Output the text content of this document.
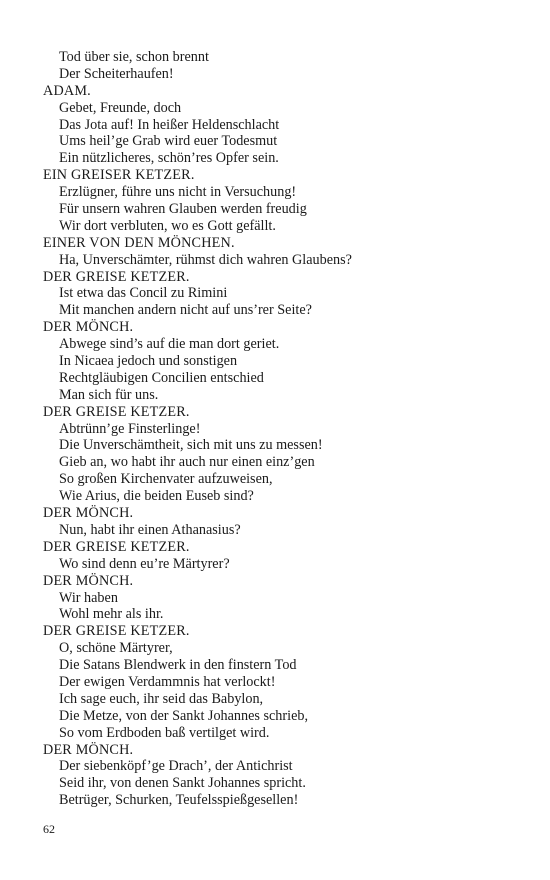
Tod über sie, schon brennt
Der Scheiterhaufen!
ADAM.
Gebet, Freunde, doch
Das Jota auf! In heißer Heldenschlacht
Ums heil’ge Grab wird euer Todesmut
Ein nützlicheres, schön’res Opfer sein.
EIN GREISER KETZER.
Erzlügner, führe uns nicht in Versuchung!
Für unsern wahren Glauben werden freudig
Wir dort verbluten, wo es Gott gefällt.
EINER VON DEN MÖNCHEN.
Ha, Unverschämter, rühmst dich wahren Glaubens?
DER GREISE KETZER.
Ist etwa das Concil zu Rimini
Mit manchen andern nicht auf uns’rer Seite?
DER MÖNCH.
Abwege sind’s auf die man dort geriet.
In Nicaea jedoch und sonstigen
Rechtgläubigen Concilien entschied
Man sich für uns.
DER GREISE KETZER.
Abtrünn’ge Finsterlinge!
Die Unverschämtheit, sich mit uns zu messen!
Gieb an, wo habt ihr auch nur einen einz’gen
So großen Kirchenvater aufzuweisen,
Wie Arius, die beiden Euseb sind?
DER MÖNCH.
Nun, habt ihr einen Athanasius?
DER GREISE KETZER.
Wo sind denn eu’re Märtyrer?
DER MÖNCH.
Wir haben
Wohl mehr als ihr.
DER GREISE KETZER.
O, schöne Märtyrer,
Die Satans Blendwerk in den finstern Tod
Der ewigen Verdammnis hat verlockt!
Ich sage euch, ihr seid das Babylon,
Die Metze, von der Sankt Johannes schrieb,
So vom Erdboden baß vertilget wird.
DER MÖNCH.
Der siebenköpf’ge Drach’, der Antichrist
Seid ihr, von denen Sankt Johannes spricht.
Betrüger, Schurken, Teufelsspießgesellen!
62
